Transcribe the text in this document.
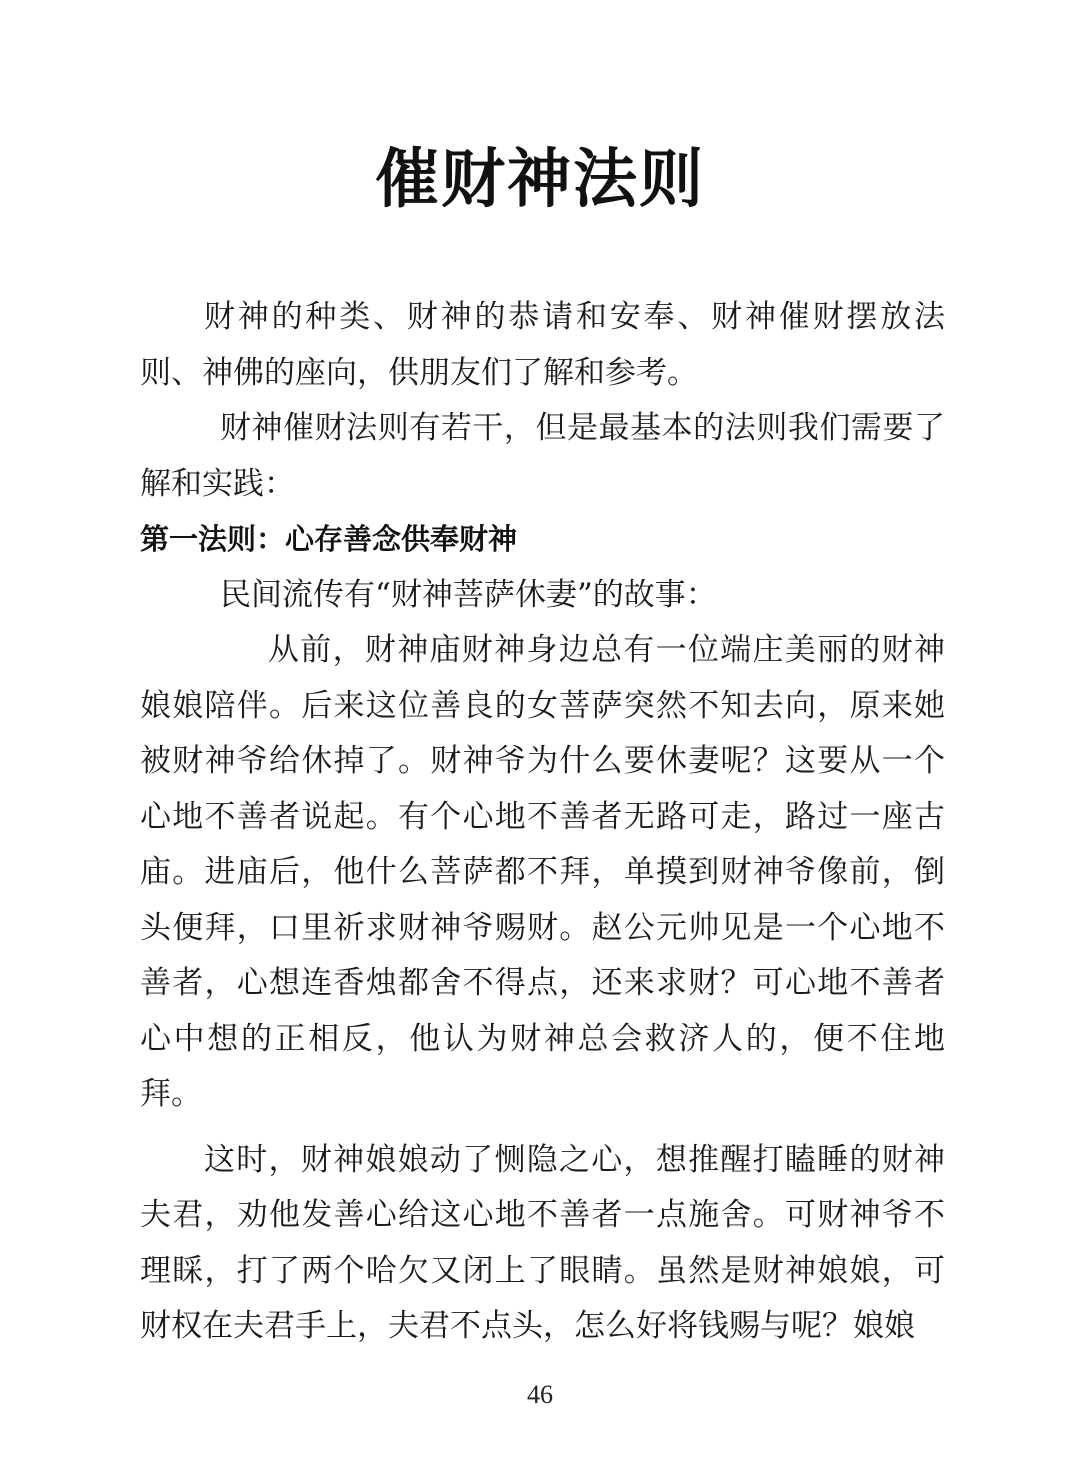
催财神法则

财神的种类、财神的恭请和安奉、财神催财摆放法则、神佛的座向，供朋友们了解和参考。

财神催财法则有若干，但是最基本的法则我们需要了解和实践：

第一法则：心存善念供奉财神

民间流传有“财神菩萨休妻”的故事：

从前，财神庙财神身边总有一位端庄美丽的财神娘娘陪伴。后来这位善良的女菩萨突然不知去向，原来她被财神爷给休掉了。财神爷为什么要休妻呢？这要从一个心地不善者说起。有个心地不善者无路可走，路过一座古庙。进庙后，他什么菩萨都不拜，单摸到财神爷像前，倒头便拜，口里祈求财神爷赐财。赵公元帅见是一个心地不善者，心想连香烛都舍不得点，还来求财？可心地不善者心中想的正相反，他认为财神总会救济人的，便不住地拜。

这时，财神娘娘动了恻隐之心，想推醒打瞌睡的财神夫君，劝他发善心给这心地不善者一点施舍。可财神爷不理睬，打了两个哈欠又闭上了眼睛。虽然是财神娘娘，可财权在夫君手上，夫君不点头，怎么好将钱赐与呢？娘娘

46
